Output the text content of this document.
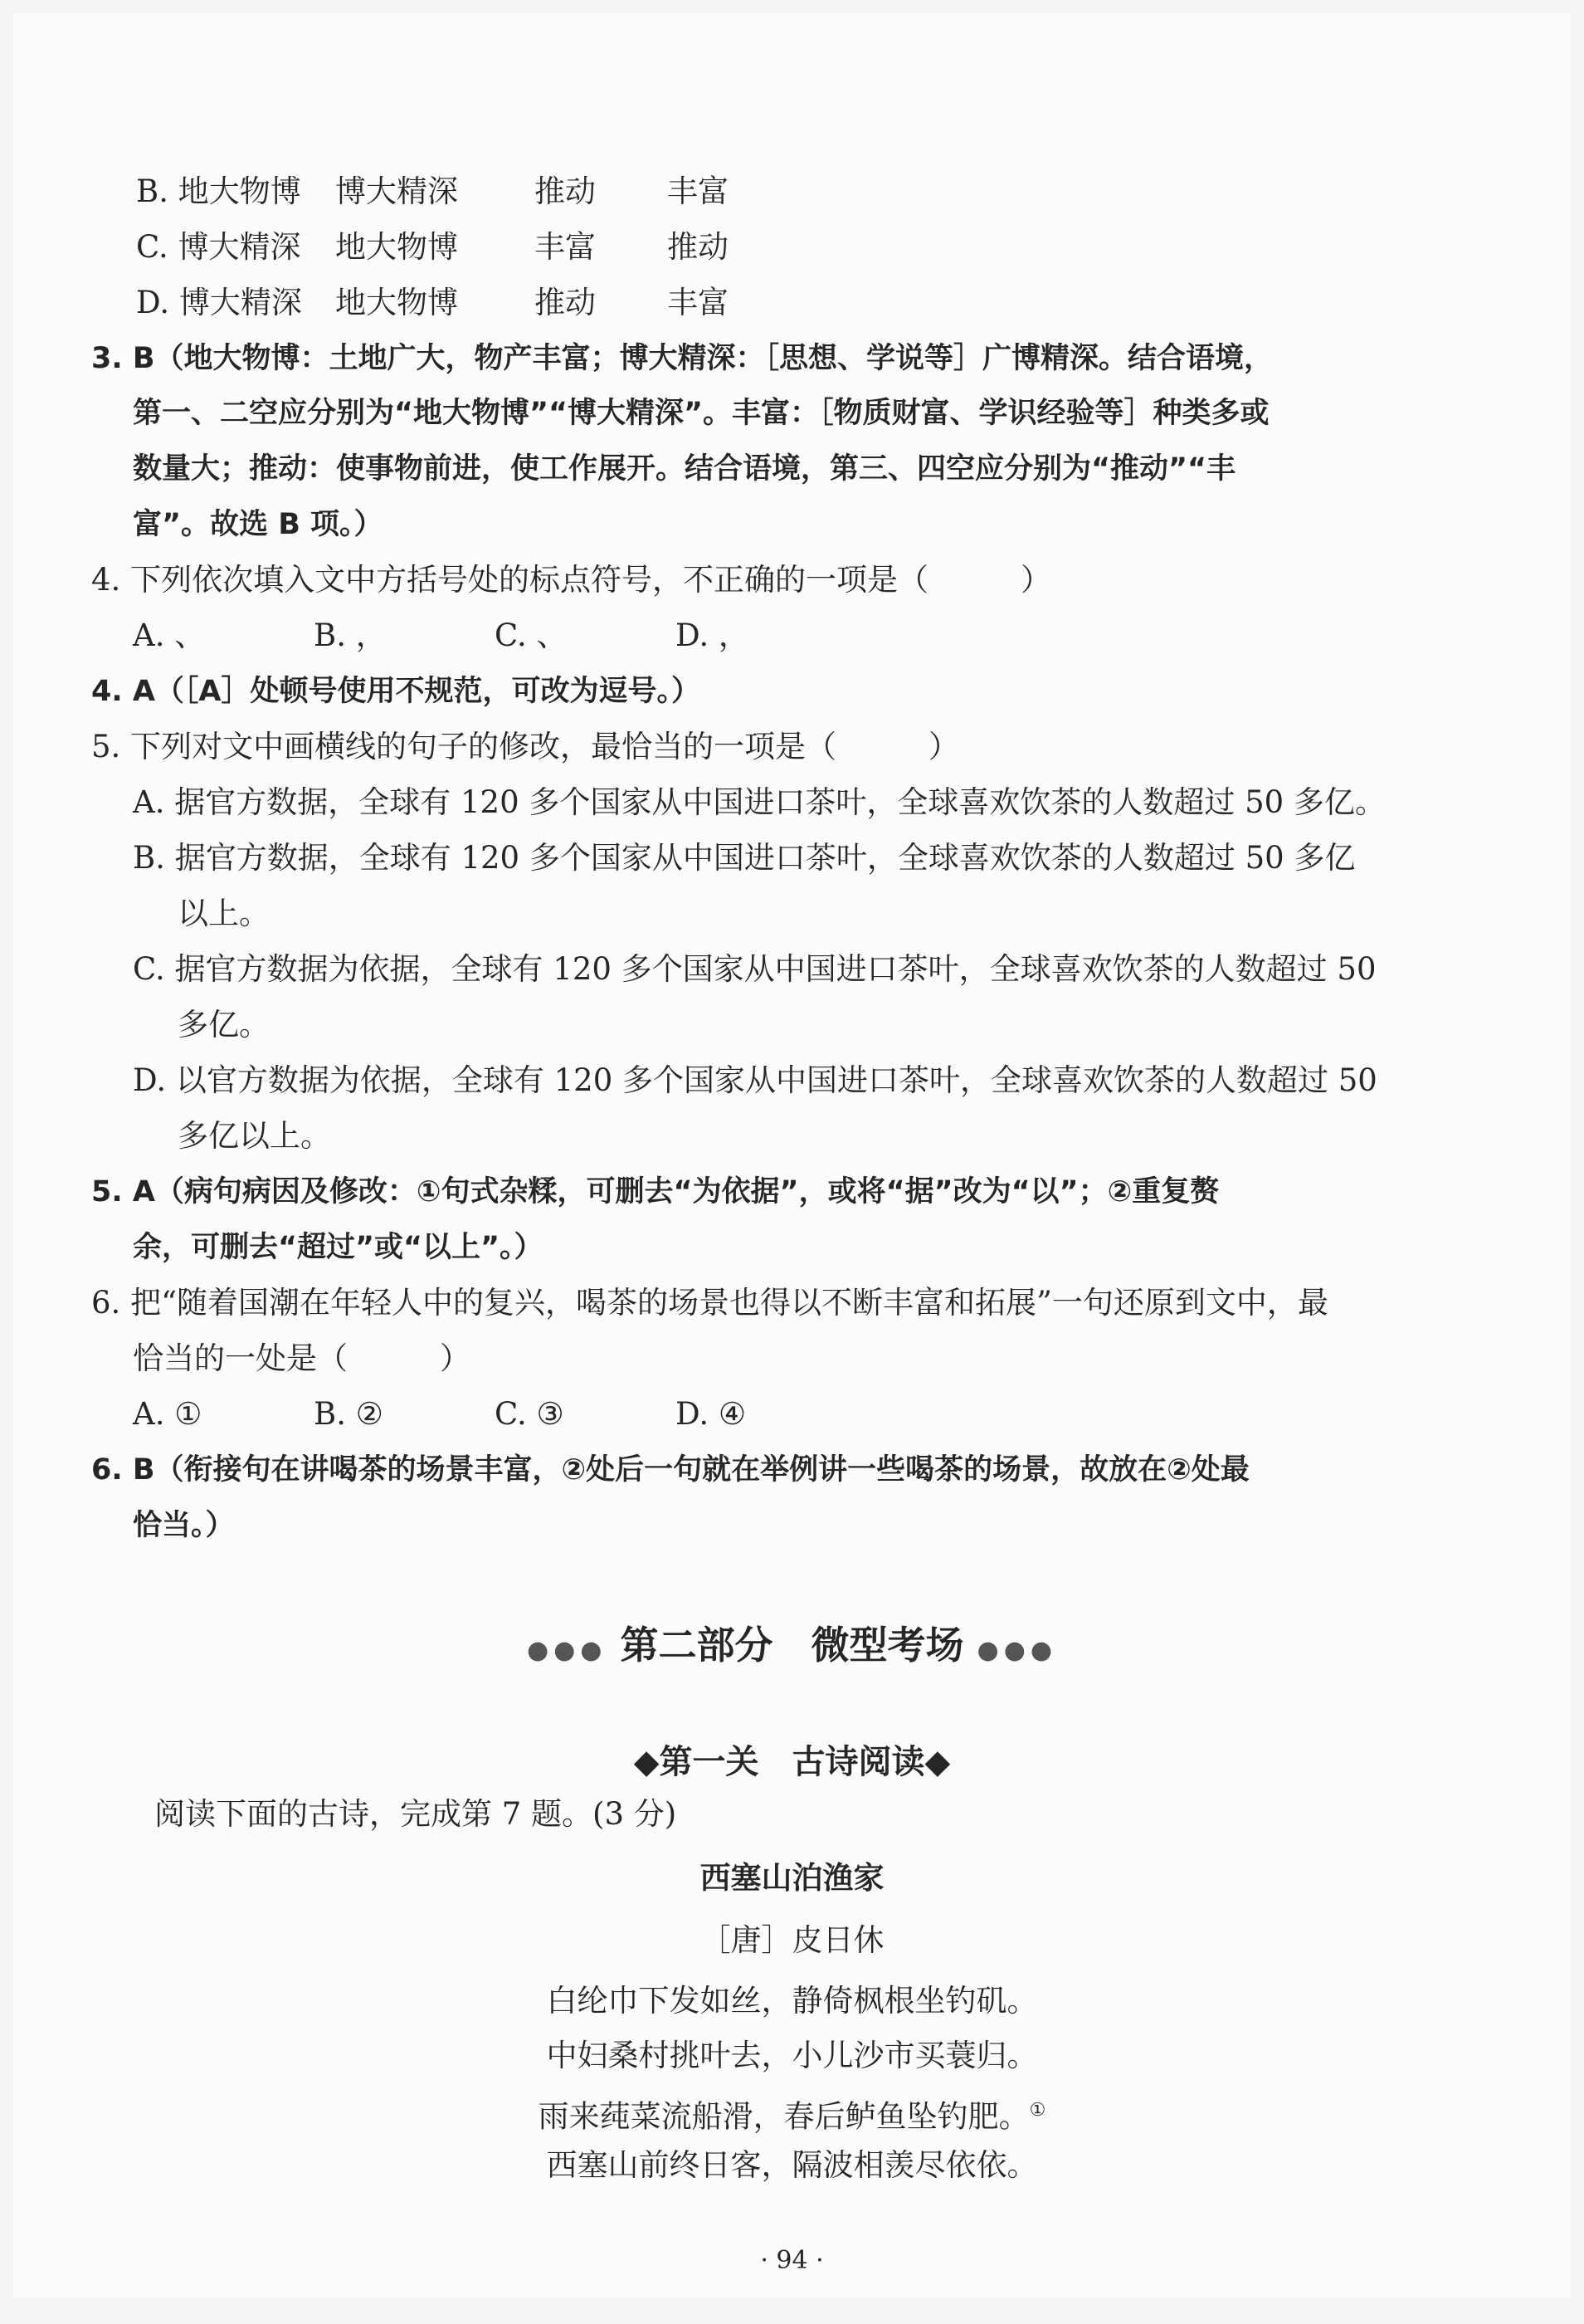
B. 地大物博 博大精深 推动 丰富
C. 博大精深 地大物博 丰富 推动
D. 博大精深 地大物博 推动 丰富
3. B（地大物博：土地广大，物产丰富；博大精深：［思想、学说等］广博精深。结合语境，
第一、二空应分别为“地大物博”“博大精深”。丰富：［物质财富、学识经验等］种类多或
数量大；推动：使事物前进，使工作展开。结合语境，第三、四空应分别为“推动”“丰
富”。故选 B 项。）
4. 下列依次填入文中方括号处的标点符号，不正确的一项是（　　　）
A. 、	B. ，	C. 、	D. ，
4. A（［A］处顿号使用不规范，可改为逗号。）
5. 下列对文中画横线的句子的修改，最恰当的一项是（　　　）
A. 据官方数据，全球有 120 多个国家从中国进口茶叶，全球喜欢饮茶的人数超过 50 多亿。
B. 据官方数据，全球有 120 多个国家从中国进口茶叶，全球喜欢饮茶的人数超过 50 多亿
以上。
C. 据官方数据为依据，全球有 120 多个国家从中国进口茶叶，全球喜欢饮茶的人数超过 50
多亿。
D. 以官方数据为依据，全球有 120 多个国家从中国进口茶叶，全球喜欢饮茶的人数超过 50
多亿以上。
5. A（病句病因及修改：①句式杂糅，可删去“为依据”，或将“据”改为“以”；②重复赘
余，可删去“超过”或“以上”。）
6. 把“随着国潮在年轻人中的复兴，喝茶的场景也得以不断丰富和拓展”一句还原到文中，最
恰当的一处是（　　　）
A. ①	B. ②	C. ③	D. ④
6. B（衔接句在讲喝茶的场景丰富，②处后一句就在举例讲一些喝茶的场景，故放在②处最
恰当。）
●●● 第二部分　微型考场 ●●●
◆第一关　古诗阅读◆
阅读下面的古诗，完成第 7 题。(3 分)
西塞山泊渔家
［唐］皮日休
白纶巾下发如丝，静倚枫根坐钓矶。
中妇桑村挑叶去，小儿沙市买蓑归。
雨来莼菜流船滑，春后鲈鱼坠钓肥。①
西塞山前终日客，隔波相羡尽依依。
· 94 ·
